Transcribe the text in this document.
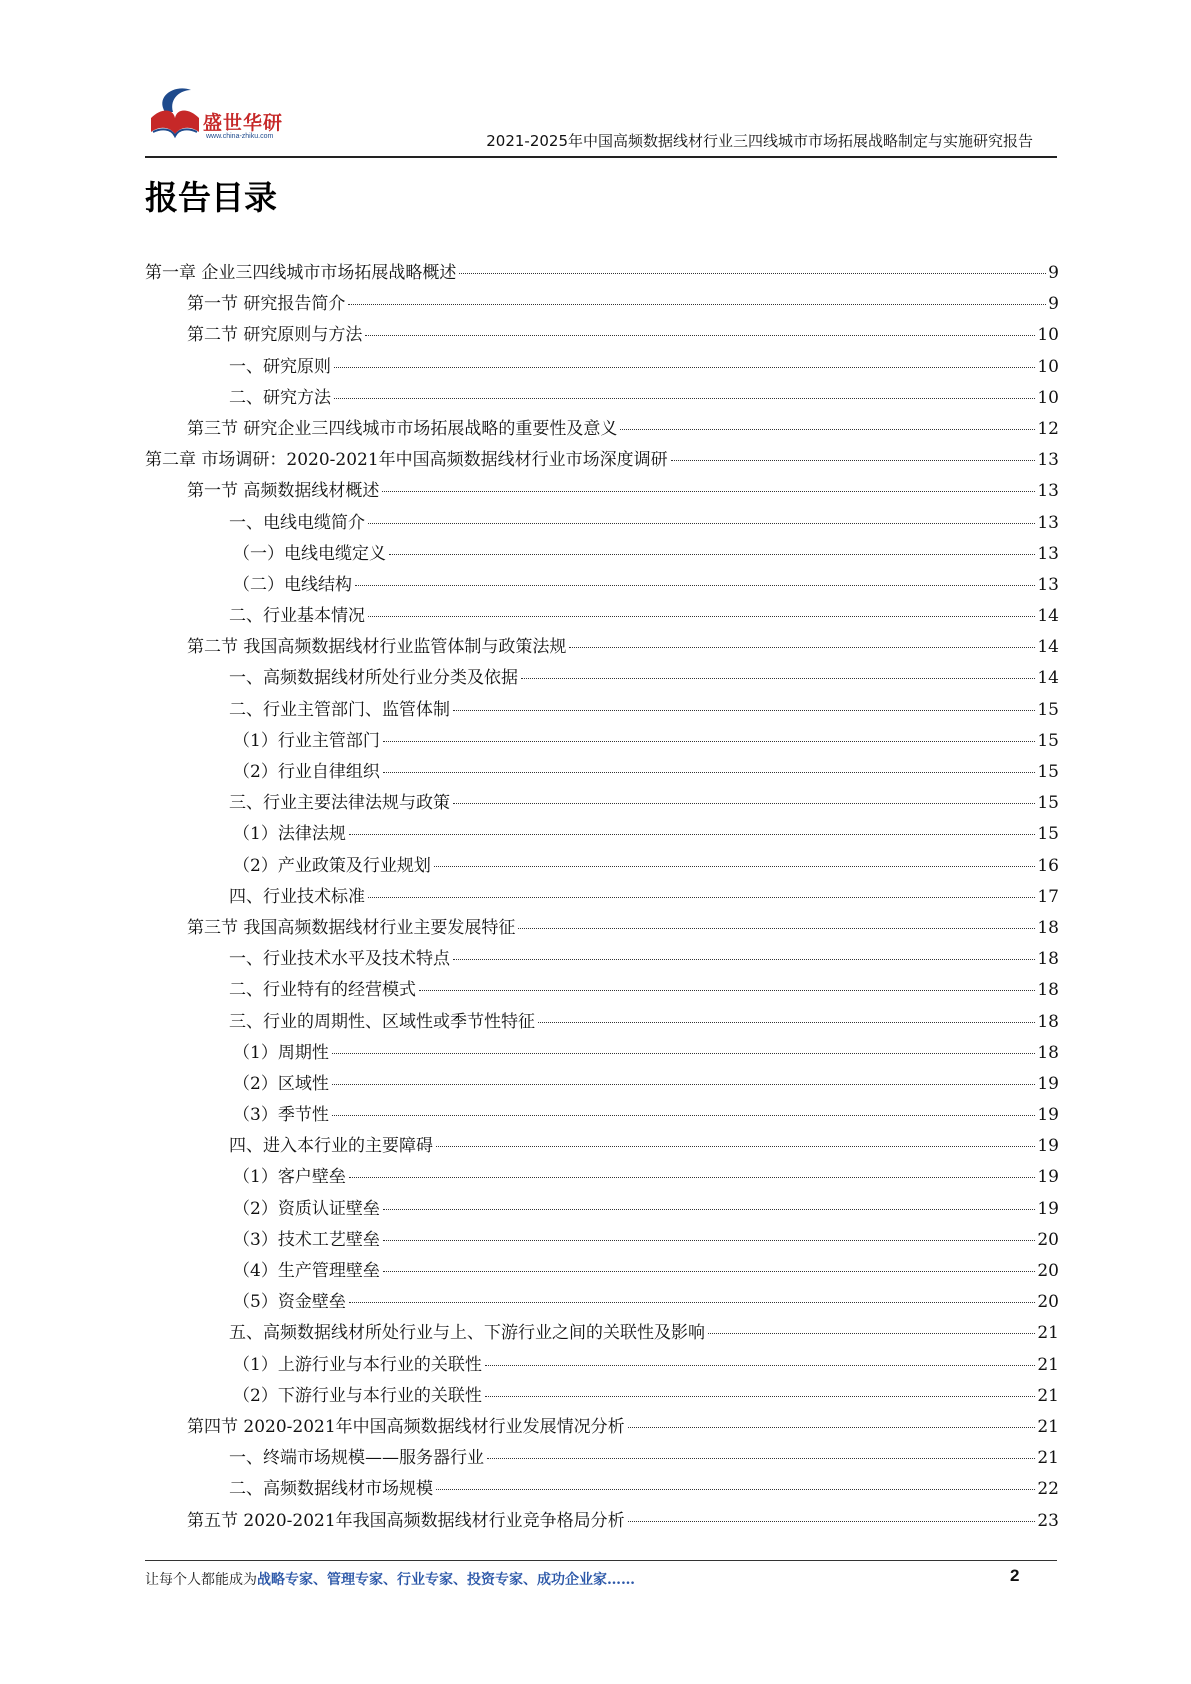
盛世华研
www.china-zhiku.com	2021-2025年中国高频数据线材行业三四线城市市场拓展战略制定与实施研究报告
报告目录
第一章 企业三四线城市市场拓展战略概述	9
第一节 研究报告简介	9
第二节 研究原则与方法	10
一、研究原则	10
二、研究方法	10
第三节 研究企业三四线城市市场拓展战略的重要性及意义	12
第二章 市场调研：2020-2021年中国高频数据线材行业市场深度调研	13
第一节 高频数据线材概述	13
一、电线电缆简介	13
（一）电线电缆定义	13
（二）电线结构	13
二、行业基本情况	14
第二节 我国高频数据线材行业监管体制与政策法规	14
一、高频数据线材所处行业分类及依据	14
二、行业主管部门、监管体制	15
（1）行业主管部门	15
（2）行业自律组织	15
三、行业主要法律法规与政策	15
（1）法律法规	15
（2）产业政策及行业规划	16
四、行业技术标准	17
第三节 我国高频数据线材行业主要发展特征	18
一、行业技术水平及技术特点	18
二、行业特有的经营模式	18
三、行业的周期性、区域性或季节性特征	18
（1）周期性	18
（2）区域性	19
（3）季节性	19
四、进入本行业的主要障碍	19
（1）客户壁垒	19
（2）资质认证壁垒	19
（3）技术工艺壁垒	20
（4）生产管理壁垒	20
（5）资金壁垒	20
五、高频数据线材所处行业与上、下游行业之间的关联性及影响	21
（1）上游行业与本行业的关联性	21
（2）下游行业与本行业的关联性	21
第四节 2020-2021年中国高频数据线材行业发展情况分析	21
一、终端市场规模——服务器行业	21
二、高频数据线材市场规模	22
第五节 2020-2021年我国高频数据线材行业竞争格局分析	23
让每个人都能成为战略专家、管理专家、行业专家、投资专家、成功企业家……	2
